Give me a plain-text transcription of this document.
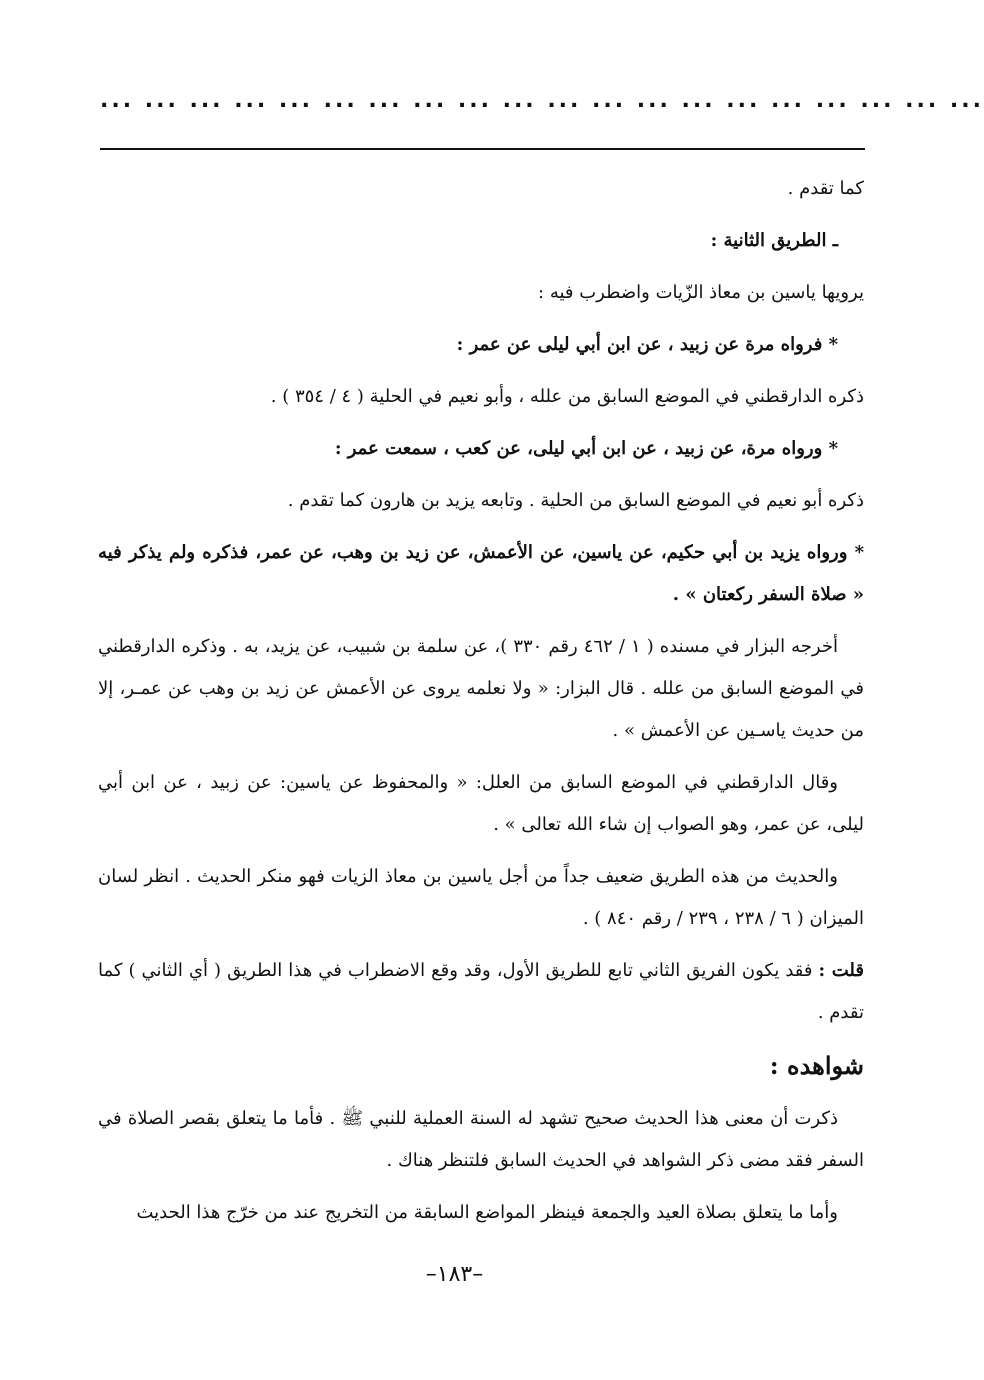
... ... ... ... ... ... ... ... ... ... ... ... ... ... ... ... ... ... ... ...

كما تقدم .

ـ الطريق الثانية :

يرويها ياسين بن معاذ الزّيات واضطرب فيه :

* فرواه مرة عن زبيد ، عن ابن أبي ليلى عن عمر :

ذكره الدارقطني في الموضع السابق من علله ، وأبو نعيم في الحلية ( ٤ / ٣٥٤ ) .

* ورواه مرة، عن زبيد ، عن ابن أبي ليلى، عن كعب ، سمعت عمر :

ذكره أبو نعيم في الموضع السابق من الحلية . وتابعه يزيد بن هارون كما تقدم .

* ورواه يزيد بن أبي حكيم، عن ياسين، عن الأعمش، عن زيد بن وهب، عن عمر، فذكره ولم يذكر فيه « صلاة السفر ركعتان » .

أخرجه البزار في مسنده ( ١ / ٤٦٢ رقم ٣٣٠ )، عن سلمة بن شبيب، عن يزيد، به . وذكره الدارقطني في الموضع السابق من علله . قال البزار: « ولا نعلمه يروى عن الأعمش عن زيد بن وهب عن عمـر، إلا من حديث ياسـين عن الأعمش » .

وقال الدارقطني في الموضع السابق من العلل: « والمحفوظ عن ياسين: عن زبيد ، عن ابن أبي ليلى، عن عمر، وهو الصواب إن شاء الله تعالى » .

والحديث من هذه الطريق ضعيف جداً من أجل ياسين بن معاذ الزيات فهو منكر الحديث . انظر لسان الميزان ( ٦ / ٢٣٨ ، ٢٣٩ / رقم ٨٤٠ ) .

قلت : فقد يكون الفريق الثاني تابع للطريق الأول، وقد وقع الاضطراب في هذا الطريق ( أي الثاني ) كما تقدم .

شواهده :

ذكرت أن معنى هذا الحديث صحيح تشهد له السنة العملية للنبي ﷺ . فأما ما يتعلق بقصر الصلاة في السفر فقد مضى ذكر الشواهد في الحديث السابق فلتنظر هناك .

وأما ما يتعلق بصلاة العيد والجمعة فينظر المواضع السابقة من التخريج عند من خرّج هذا الحديث

–١٨٣–
